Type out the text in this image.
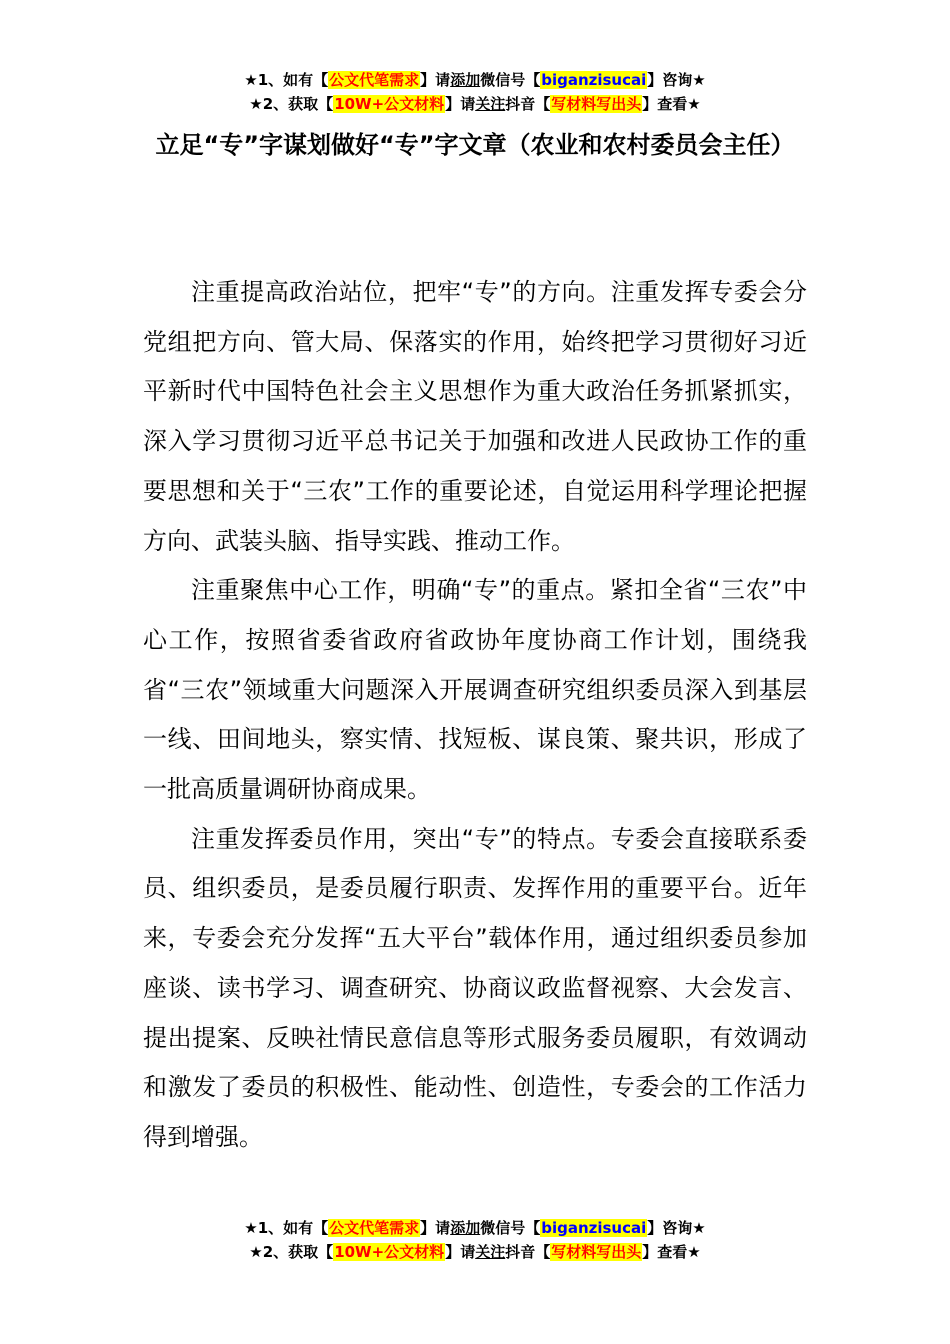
★1、如有【公文代笔需求】请添加微信号【biganzisucai】咨询★
★2、获取【10W+公文材料】请关注抖音【写材料写出头】查看★
立足“专”字谋划做好“专”字文章（农业和农村委员会主任）

注重提高政治站位，把牢“专”的方向。注重发挥专委会分党组把方向、管大局、保落实的作用，始终把学习贯彻好习近平新时代中国特色社会主义思想作为重大政治任务抓紧抓实，深入学习贯彻习近平总书记关于加强和改进人民政协工作的重要思想和关于“三农”工作的重要论述，自觉运用科学理论把握方向、武装头脑、指导实践、推动工作。

注重聚焦中心工作，明确“专”的重点。紧扣全省“三农”中心工作，按照省委省政府省政协年度协商工作计划，围绕我省“三农”领域重大问题深入开展调查研究组织委员深入到基层一线、田间地头，察实情、找短板、谋良策、聚共识，形成了一批高质量调研协商成果。

注重发挥委员作用，突出“专”的特点。专委会直接联系委员、组织委员，是委员履行职责、发挥作用的重要平台。近年来，专委会充分发挥“五大平台”载体作用，通过组织委员参加座谈、读书学习、调查研究、协商议政监督视察、大会发言、提出提案、反映社情民意信息等形式服务委员履职，有效调动和激发了委员的积极性、能动性、创造性，专委会的工作活力得到增强。

★1、如有【公文代笔需求】请添加微信号【biganzisucai】咨询★
★2、获取【10W+公文材料】请关注抖音【写材料写出头】查看★
